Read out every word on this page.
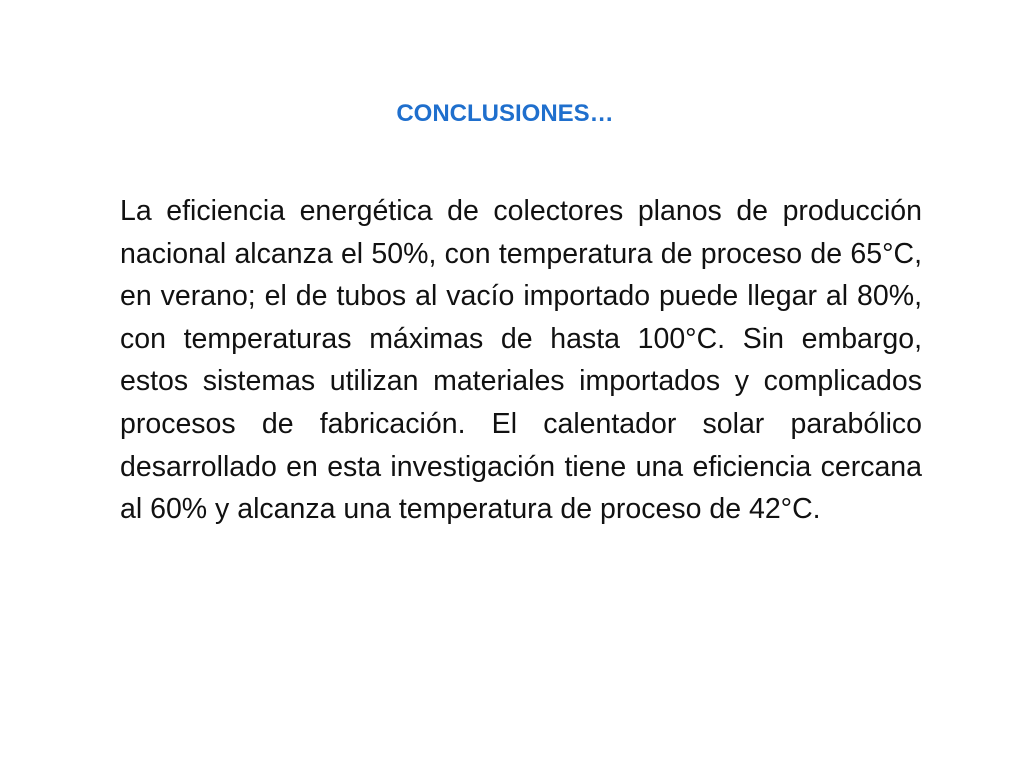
CONCLUSIONES…

La eficiencia energética de colectores planos de producción nacional alcanza el 50%, con temperatura de proceso de 65°C, en verano; el de tubos al vacío importado puede llegar al 80%, con temperaturas máximas de hasta 100°C. Sin embargo, estos sistemas utilizan materiales importados y complicados procesos de fabricación. El calentador solar parabólico desarrollado en esta investigación tiene una eficiencia cercana al 60% y alcanza una temperatura de proceso de 42°C.
